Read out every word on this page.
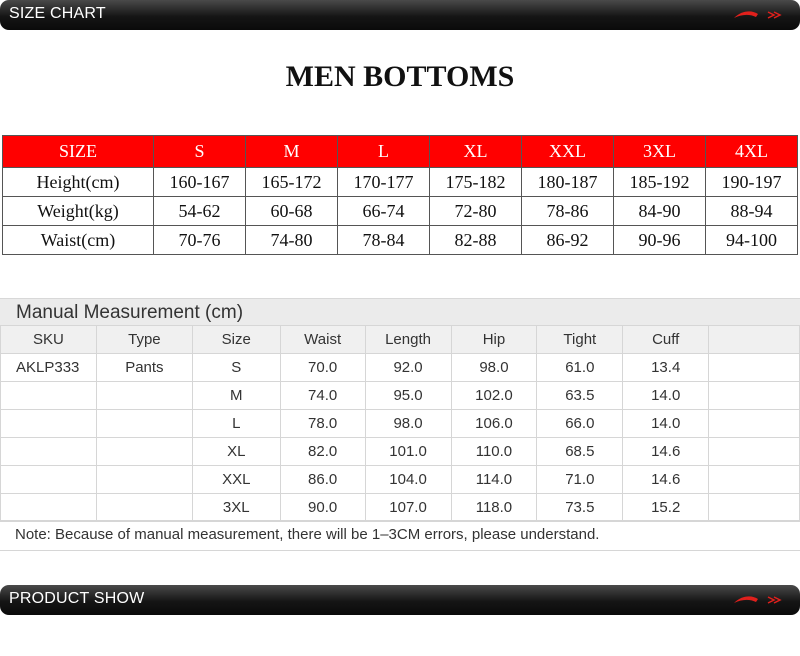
SIZE CHART
MEN BOTTOMS
SIZE	S	M	L	XL	XXL	3XL	4XL
Height(cm)	160-167	165-172	170-177	175-182	180-187	185-192	190-197
Weight(kg)	54-62	60-68	66-74	72-80	78-86	84-90	88-94
Waist(cm)	70-76	74-80	78-84	82-88	86-92	90-96	94-100
Manual Measurement (cm)
SKU	Type	Size	Waist	Length	Hip	Tight	Cuff	
AKLP333	Pants	S	70.0	92.0	98.0	61.0	13.4	
		M	74.0	95.0	102.0	63.5	14.0	
		L	78.0	98.0	106.0	66.0	14.0	
		XL	82.0	101.0	110.0	68.5	14.6	
		XXL	86.0	104.0	114.0	71.0	14.6	
		3XL	90.0	107.0	118.0	73.5	15.2	
Note: Because of manual measurement, there will be 1–3CM errors, please understand.
PRODUCT SHOW
